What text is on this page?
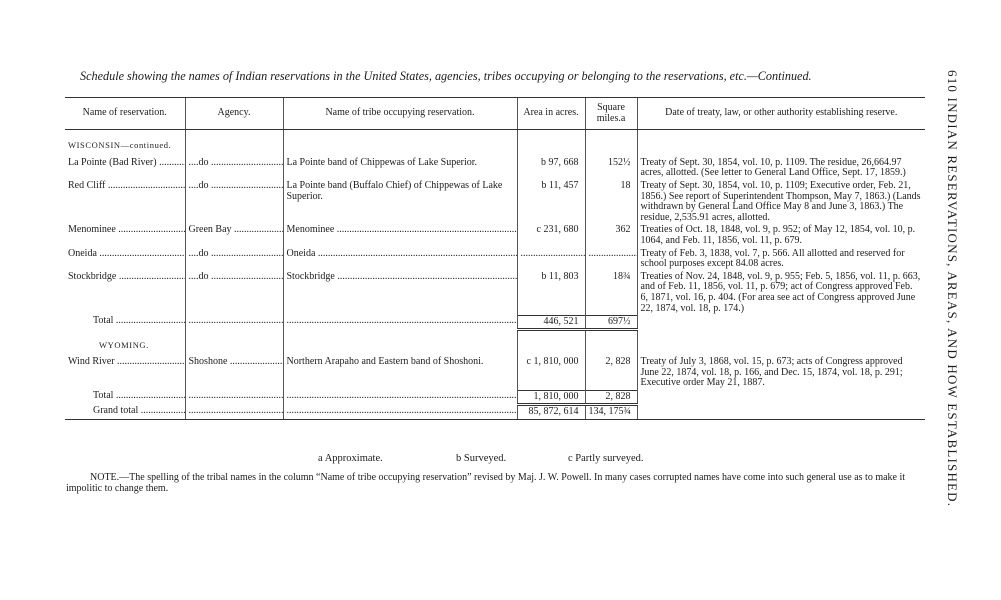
Schedule showing the names of Indian reservations in the United States, agencies, tribes occupying or belonging to the reservations, etc.—Continued.	610 INDIAN RESERVATIONS, AREAS, AND HOW ESTABLISHED.
Name of reservation.	Agency.	Name of tribe occupying reservation.	Area in acres.	Square miles.a	Date of treaty, law, or other authority establishing reserve.
WISCONSIN—continued.					
La Pointe (Bad River) .....	....do .....	La Pointe band of Chippewas of Lake Superior.	b 97, 668	152½	Treaty of Sept. 30, 1854, vol. 10, p. 1109. The residue, 26,664.97 acres, allotted. (See letter to General Land Office, Sept. 17, 1859.)
Red Cliff .....	....do .....	La Pointe band (Buffalo Chief) of Chippewas of Lake Superior.	b 11, 457	18	Treaty of Sept. 30, 1854, vol. 10, p. 1109; Executive order, Feb. 21, 1856.) See report of Superintendent Thompson, May 7, 1863.) (Lands withdrawn by General Land Office May 8 and June 3, 1863.) The residue, 2,535.91 acres, allotted.
Menominee .....	Green Bay .....	Menominee .....	c 231, 680	362	Treaties of Oct. 18, 1848, vol. 9, p. 952; of May 12, 1854, vol. 10, p. 1064, and Feb. 11, 1856, vol. 11, p. 679.
Oneida .....	....do .....	Oneida .....	.....	.....	Treaty of Feb. 3, 1838, vol. 7, p. 566. All allotted and reserved for school purposes except 84.08 acres.
Stockbridge .....	....do .....	Stockbridge .....	b 11, 803	18¾	Treaties of Nov. 24, 1848, vol. 9, p. 955; Feb. 5, 1856, vol. 11, p. 663, and of Feb. 11, 1856, vol. 11, p. 679; act of Congress approved Feb. 6, 1871, vol. 16, p. 404. (For area see act of Congress approved June 22, 1874, vol. 18, p. 174.)
Total .....	.....	.....	446, 521	697½	
WYOMING.					
Wind River .....	Shoshone .....	Northern Arapaho and Eastern band of Shoshoni.	c 1, 810, 000	2, 828	Treaty of July 3, 1868, vol. 15, p. 673; acts of Congress approved June 22, 1874, vol. 18, p. 166, and Dec. 15, 1874, vol. 18, p. 291; Executive order May 21, 1887.
Total .....	.....	.....	1, 810, 000	2, 828	
Grand total .....	.....	.....	85, 872, 614	134, 175¾	
a Approximate.	b Surveyed.	c Partly surveyed.
NOTE.—The spelling of the tribal names in the column “Name of tribe occupying reservation” revised by Maj. J. W. Powell. In many cases corrupted names have come into such general use as to make it impolitic to change them.
